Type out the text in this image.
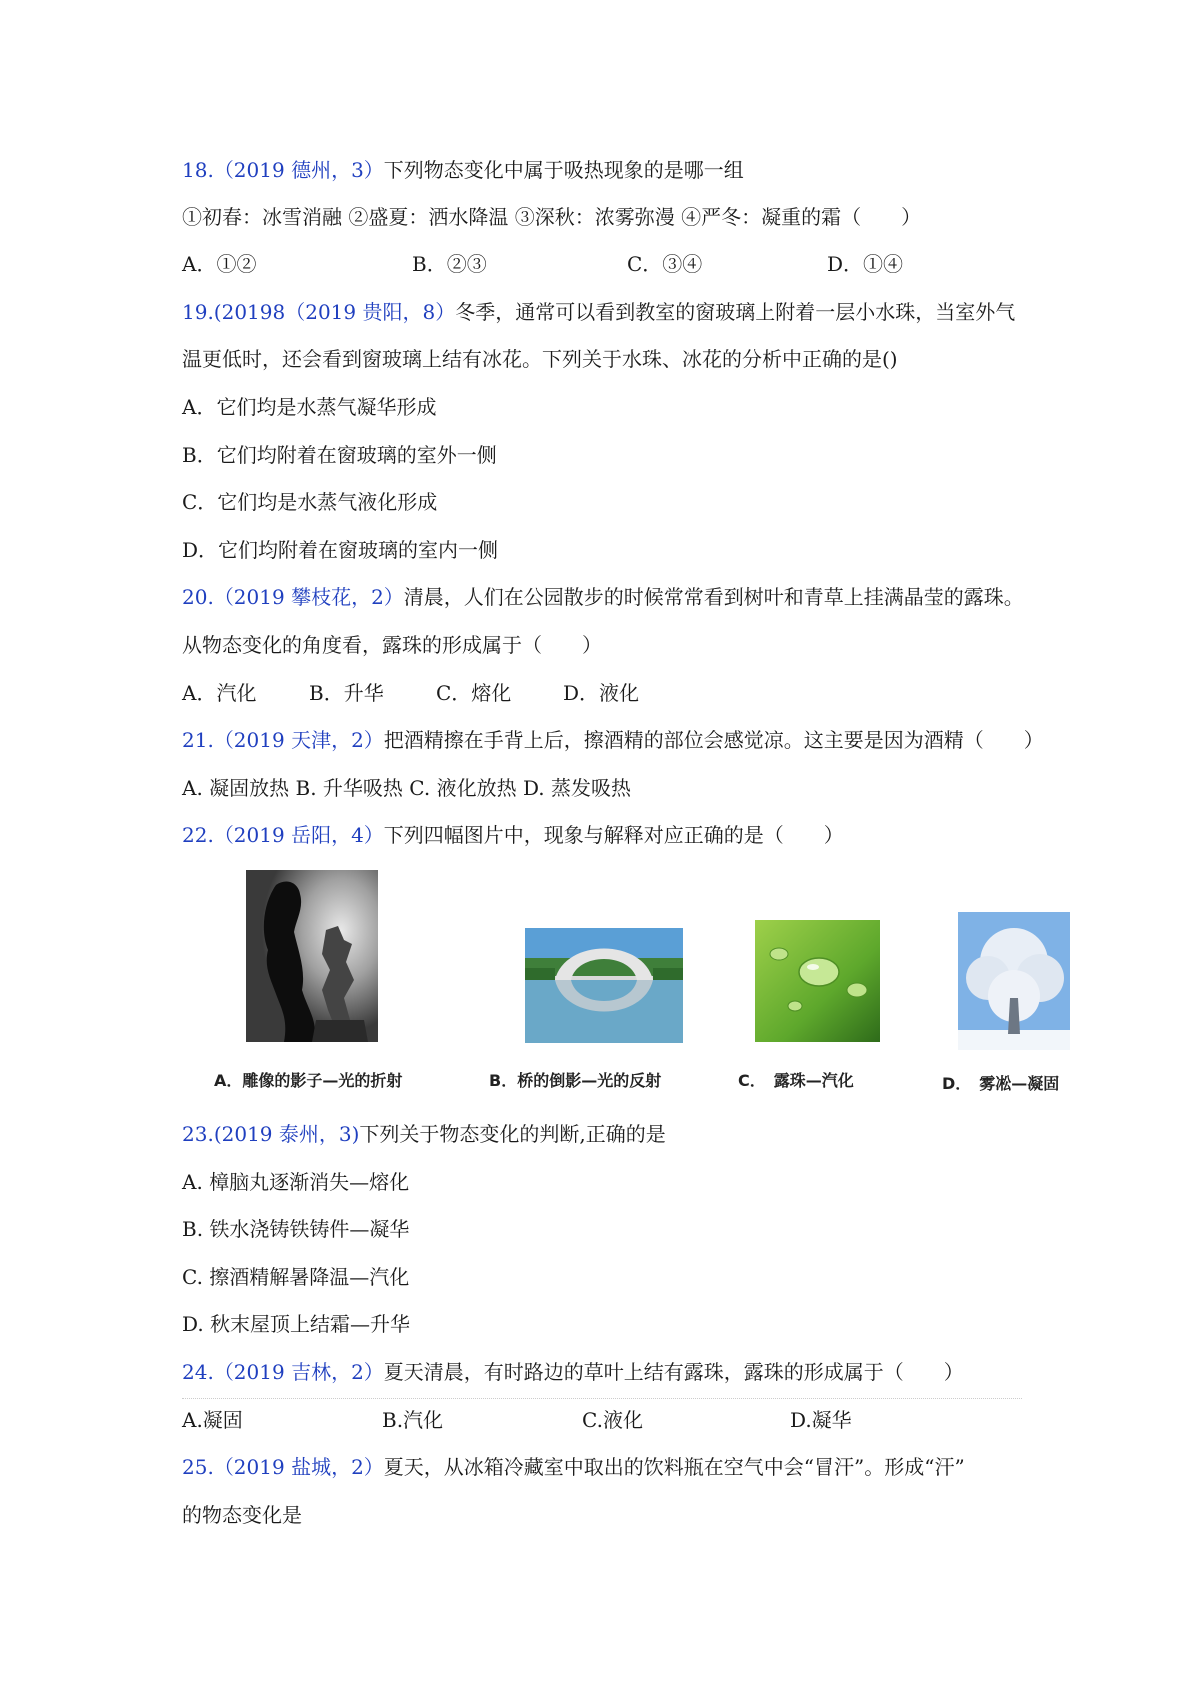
18.（2019 德州，3）下列物态变化中属于吸热现象的是哪一组
①初春：冰雪消融 ②盛夏：洒水降温 ③深秋：浓雾弥漫 ④严冬：凝重的霜（　　）
A．①②	B．②③	C．③④	D．①④
19.(20198（2019 贵阳，8）冬季，通常可以看到教室的窗玻璃上附着一层小水珠，当室外气
温更低时，还会看到窗玻璃上结有冰花。下列关于水珠、冰花的分析中正确的是()
A．它们均是水蒸气凝华形成
B．它们均附着在窗玻璃的室外一侧
C．它们均是水蒸气液化形成
D．它们均附着在窗玻璃的室内一侧
20.（2019 攀枝花，2）清晨，人们在公园散步的时候常常看到树叶和青草上挂满晶莹的露珠。
从物态变化的角度看，露珠的形成属于（　　）
A．汽化	B．升华	C．熔化	D．液化
21.（2019 天津，2）把酒精擦在手背上后，擦酒精的部位会感觉凉。这主要是因为酒精（　　）
A. 凝固放热 B. 升华吸热 C. 液化放热 D. 蒸发吸热
22.（2019 岳阳，4）下列四幅图片中，现象与解释对应正确的是（　　）
A．雕像的影子—光的折射	B．桥的倒影—光的反射	C．　露珠—汽化	D．　雾凇—凝固
23.(2019 泰州，3)下列关于物态变化的判断,正确的是
A. 樟脑丸逐渐消失—熔化
B. 铁水浇铸铁铸件—凝华
C. 擦酒精解暑降温—汽化
D. 秋末屋顶上结霜—升华
24.（2019 吉林，2）夏天清晨，有时路边的草叶上结有露珠，露珠的形成属于（　　）
A.凝固	B.汽化	C.液化	D.凝华
25.（2019 盐城，2）夏天，从冰箱冷藏室中取出的饮料瓶在空气中会“冒汗”。形成“汗”
的物态变化是
